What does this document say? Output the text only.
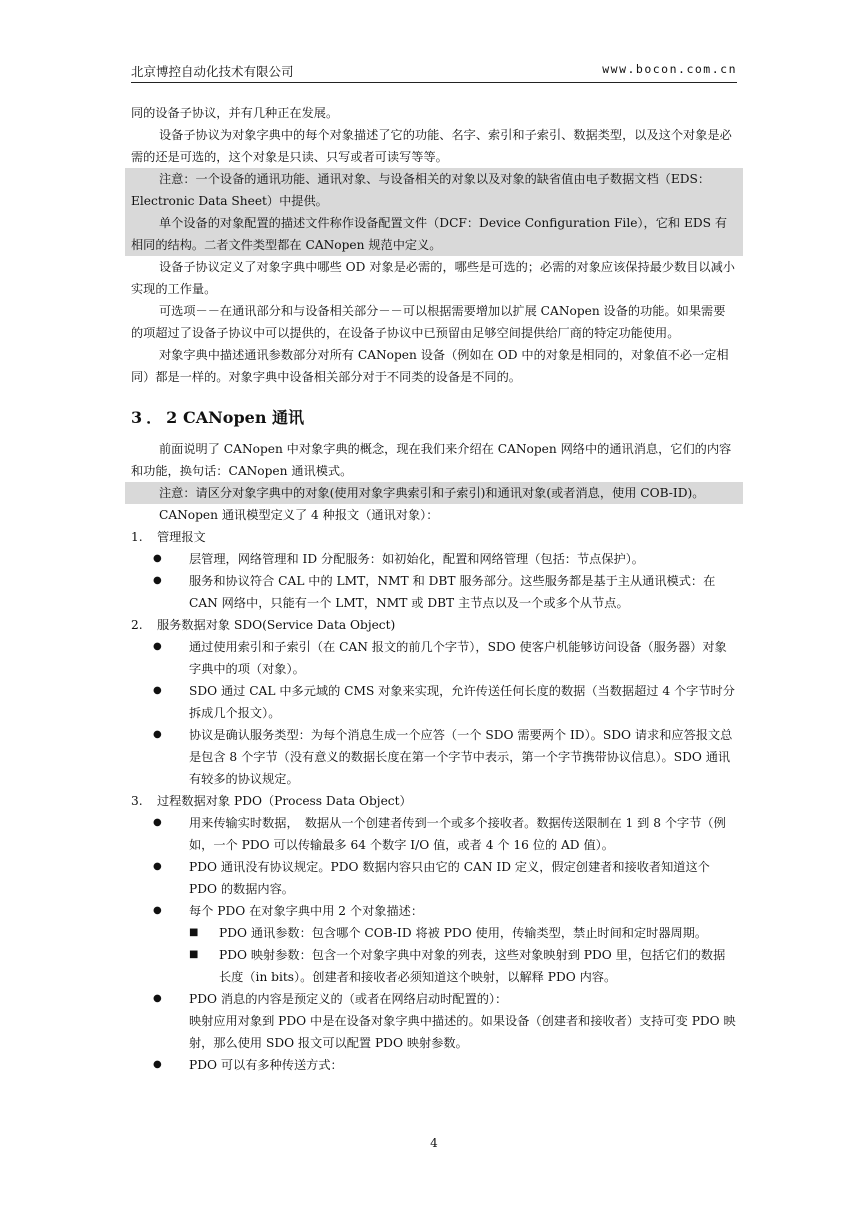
北京博控自动化技术有限公司	www.bocon.com.cn

同的设备子协议，并有几种正在发展。

设备子协议为对象字典中的每个对象描述了它的功能、名字、索引和子索引、数据类型，以及这个对象是必需的还是可选的，这个对象是只读、只写或者可读写等等。

注意：一个设备的通讯功能、通讯对象、与设备相关的对象以及对象的缺省值由电子数据文档（EDS：Electronic Data Sheet）中提供。

单个设备的对象配置的描述文件称作设备配置文件（DCF：Device Configuration File），它和 EDS 有相同的结构。二者文件类型都在 CANopen 规范中定义。

设备子协议定义了对象字典中哪些 OD 对象是必需的，哪些是可选的；必需的对象应该保持最少数目以减小实现的工作量。

可选项－－在通讯部分和与设备相关部分－－可以根据需要增加以扩展 CANopen 设备的功能。如果需要的项超过了设备子协议中可以提供的，在设备子协议中已预留由足够空间提供给厂商的特定功能使用。

对象字典中描述通讯参数部分对所有 CANopen 设备（例如在 OD 中的对象是相同的，对象值不必一定相同）都是一样的。对象字典中设备相关部分对于不同类的设备是不同的。

3．2 CANopen 通讯

前面说明了 CANopen 中对象字典的概念，现在我们来介绍在 CANopen 网络中的通讯消息，它们的内容和功能，换句话：CANopen 通讯模式。

注意：请区分对象字典中的对象(使用对象字典索引和子索引)和通讯对象(或者消息，使用 COB-ID)。

CANopen 通讯模型定义了 4 种报文（通讯对象）：

1. 管理报文
● 层管理，网络管理和 ID 分配服务：如初始化，配置和网络管理（包括：节点保护）。
● 服务和协议符合 CAL 中的 LMT，NMT 和 DBT 服务部分。这些服务都是基于主从通讯模式：在 CAN 网络中，只能有一个 LMT，NMT 或 DBT 主节点以及一个或多个从节点。
2. 服务数据对象 SDO(Service Data Object)
● 通过使用索引和子索引（在 CAN 报文的前几个字节），SDO 使客户机能够访问设备（服务器）对象字典中的项（对象）。
● SDO 通过 CAL 中多元域的 CMS 对象来实现，允许传送任何长度的数据（当数据超过 4 个字节时分拆成几个报文）。
● 协议是确认服务类型：为每个消息生成一个应答（一个 SDO 需要两个 ID）。SDO 请求和应答报文总是包含 8 个字节（没有意义的数据长度在第一个字节中表示，第一个字节携带协议信息）。SDO 通讯有较多的协议规定。
3. 过程数据对象 PDO（Process Data Object）
● 用来传输实时数据，　数据从一个创建者传到一个或多个接收者。数据传送限制在 1 到 8 个字节（例如，一个 PDO 可以传输最多 64 个数字 I/O 值，或者 4 个 16 位的 AD 值）。
● PDO 通讯没有协议规定。PDO 数据内容只由它的 CAN ID 定义，假定创建者和接收者知道这个 PDO 的数据内容。
● 每个 PDO 在对象字典中用 2 个对象描述：
■ PDO 通讯参数：包含哪个 COB-ID 将被 PDO 使用，传输类型，禁止时间和定时器周期。
■ PDO 映射参数：包含一个对象字典中对象的列表，这些对象映射到 PDO 里，包括它们的数据长度（in bits）。创建者和接收者必须知道这个映射，以解释 PDO 内容。
● PDO 消息的内容是预定义的（或者在网络启动时配置的）：

映射应用对象到 PDO 中是在设备对象字典中描述的。如果设备（创建者和接收者）支持可变 PDO 映射，那么使用 SDO 报文可以配置 PDO 映射参数。

● PDO 可以有多种传送方式：
4
